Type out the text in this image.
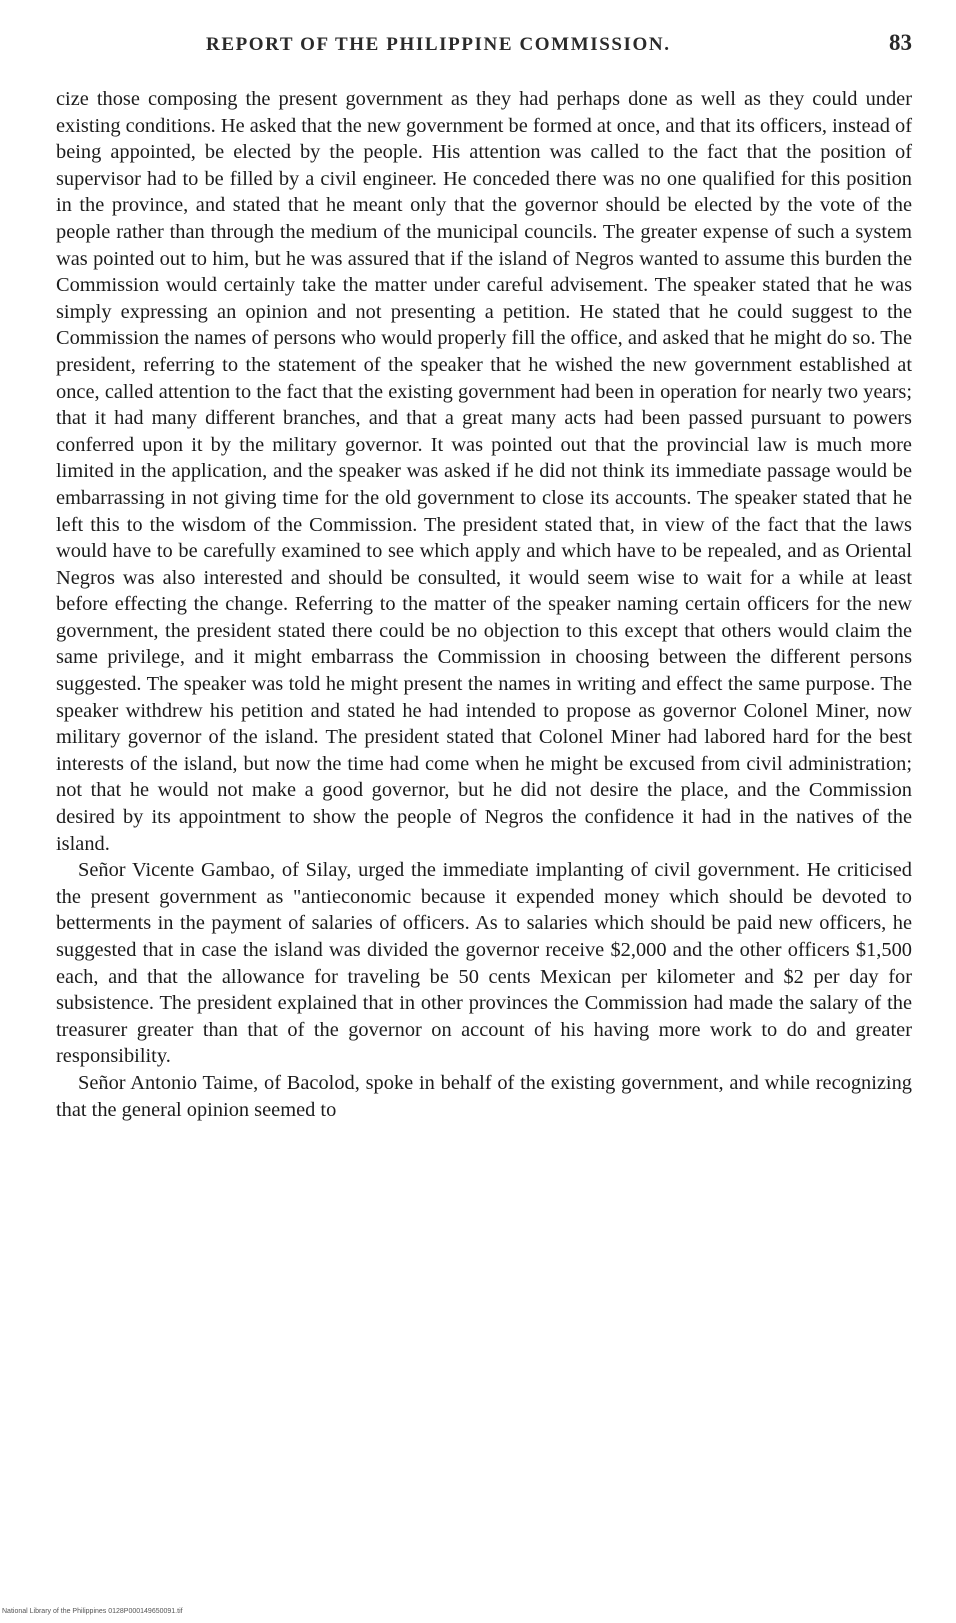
REPORT OF THE PHILIPPINE COMMISSION.	83

cize those composing the present government as they had perhaps done as well as they could under existing conditions. He asked that the new government be formed at once, and that its officers, instead of being appointed, be elected by the people. His attention was called to the fact that the position of supervisor had to be filled by a civil engineer. He conceded there was no one qualified for this position in the province, and stated that he meant only that the governor should be elected by the vote of the people rather than through the medium of the municipal councils. The greater expense of such a system was pointed out to him, but he was assured that if the island of Negros wanted to assume this burden the Commission would certainly take the matter under careful advisement. The speaker stated that he was simply expressing an opinion and not presenting a petition. He stated that he could suggest to the Commission the names of persons who would properly fill the office, and asked that he might do so. The president, referring to the statement of the speaker that he wished the new government established at once, called attention to the fact that the existing government had been in operation for nearly two years; that it had many different branches, and that a great many acts had been passed pursuant to powers conferred upon it by the military governor. It was pointed out that the provincial law is much more limited in the application, and the speaker was asked if he did not think its immediate passage would be embarrassing in not giving time for the old government to close its accounts. The speaker stated that he left this to the wisdom of the Commission. The president stated that, in view of the fact that the laws would have to be carefully examined to see which apply and which have to be repealed, and as Oriental Negros was also interested and should be consulted, it would seem wise to wait for a while at least before effecting the change. Referring to the matter of the speaker naming certain officers for the new government, the president stated there could be no objection to this except that others would claim the same privilege, and it might embarrass the Commission in choosing between the different persons suggested. The speaker was told he might present the names in writing and effect the same purpose. The speaker withdrew his petition and stated he had intended to propose as governor Colonel Miner, now military governor of the island. The president stated that Colonel Miner had labored hard for the best interests of the island, but now the time had come when he might be excused from civil administration; not that he would not make a good governor, but he did not desire the place, and the Commission desired by its appointment to show the people of Negros the confidence it had in the natives of the island.

Señor Vicente Gambao, of Silay, urged the immediate implanting of civil government. He criticised the present government as "antieconomic because it expended money which should be devoted to betterments in the payment of salaries of officers. As to salaries which should be paid new officers, he suggested that in case the island was divided the governor receive $2,000 and the other officers $1,500 each, and that the allowance for traveling be 50 cents Mexican per kilometer and $2 per day for subsistence. The president explained that in other provinces the Commission had made the salary of the treasurer greater than that of the governor on account of his having more work to do and greater responsibility.

Señor Antonio Taime, of Bacolod, spoke in behalf of the existing government, and while recognizing that the general opinion seemed to

National Library of the Philippines 0128P000149650091.tif
